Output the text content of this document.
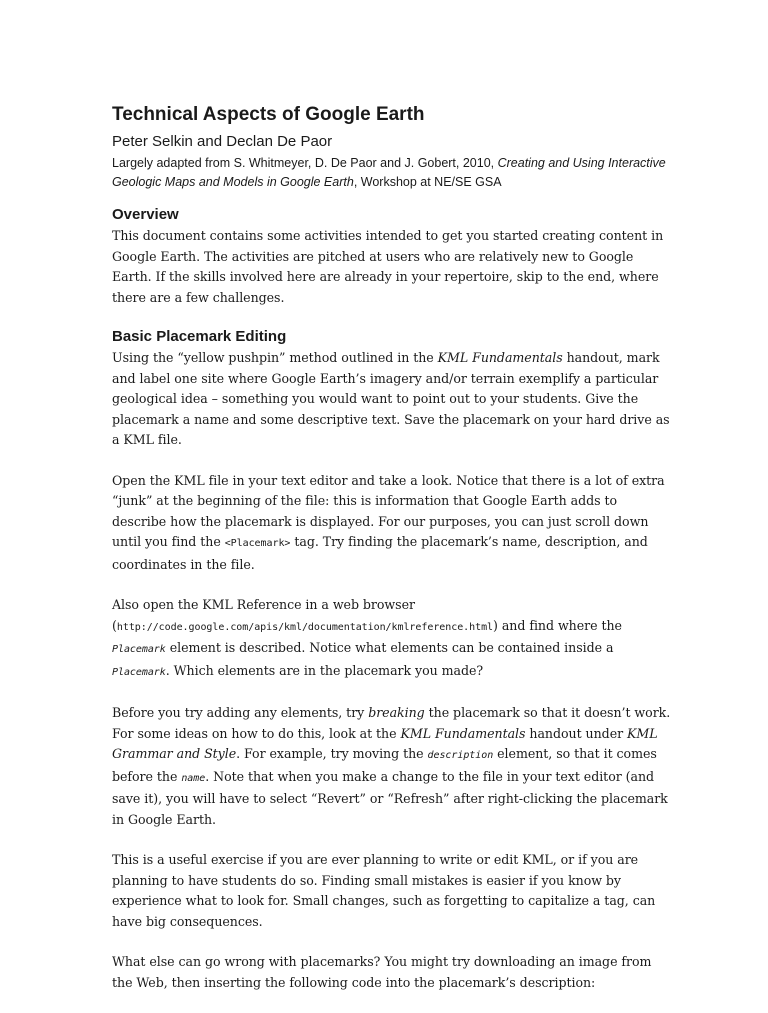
Technical Aspects of Google Earth
Peter Selkin and Declan De Paor
Largely adapted from S. Whitmeyer, D. De Paor and J. Gobert, 2010, Creating and Using Interactive Geologic Maps and Models in Google Earth, Workshop at NE/SE GSA
Overview

This document contains some activities intended to get you started creating content in Google Earth. The activities are pitched at users who are relatively new to Google Earth. If the skills involved here are already in your repertoire, skip to the end, where there are a few challenges.

Basic Placemark Editing

Using the “yellow pushpin” method outlined in the KML Fundamentals handout, mark and label one site where Google Earth’s imagery and/or terrain exemplify a particular geological idea – something you would want to point out to your students. Give the placemark a name and some descriptive text. Save the placemark on your hard drive as a KML file.

Open the KML file in your text editor and take a look. Notice that there is a lot of extra “junk” at the beginning of the file: this is information that Google Earth adds to describe how the placemark is displayed. For our purposes, you can just scroll down until you find the <Placemark> tag. Try finding the placemark’s name, description, and coordinates in the file.

Also open the KML Reference in a web browser (http://code.google.com/apis/kml/documentation/kmlreference.html) and find where the Placemark element is described. Notice what elements can be contained inside a Placemark. Which elements are in the placemark you made?

Before you try adding any elements, try breaking the placemark so that it doesn’t work. For some ideas on how to do this, look at the KML Fundamentals handout under KML Grammar and Style. For example, try moving the description element, so that it comes before the name. Note that when you make a change to the file in your text editor (and save it), you will have to select “Revert” or “Refresh” after right-clicking the placemark in Google Earth.

This is a useful exercise if you are ever planning to write or edit KML, or if you are planning to have students do so. Finding small mistakes is easier if you know by experience what to look for. Small changes, such as forgetting to capitalize a tag, can have big consequences.

What else can go wrong with placemarks? You might try downloading an image from the Web, then inserting the following code into the placemark’s description:
